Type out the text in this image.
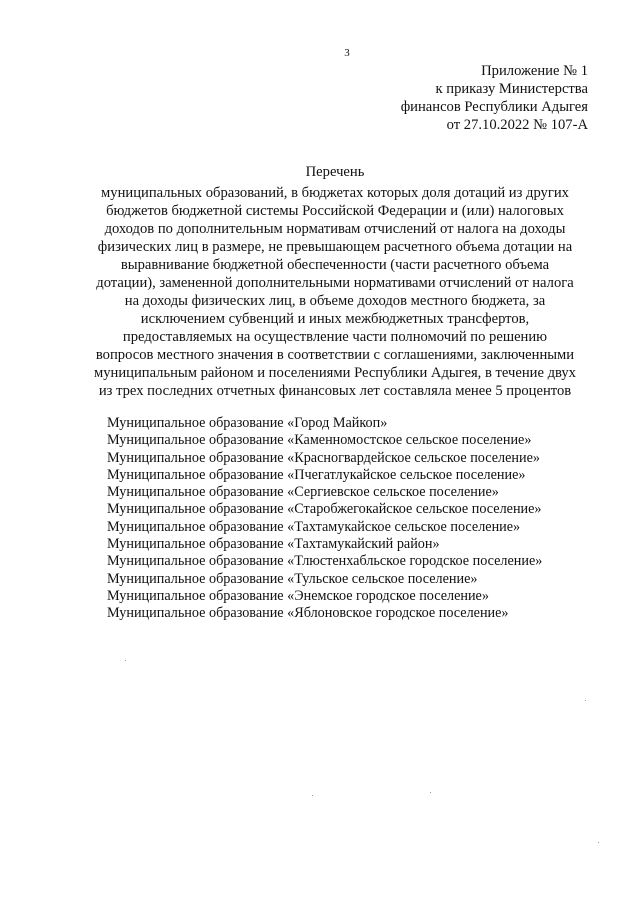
3
Приложение № 1
к приказу Министерства
финансов Республики Адыгея
от 27.10.2022 № 107-А
Перечень
муниципальных образований, в бюджетах которых доля дотаций из других
бюджетов бюджетной системы Российской Федерации и (или) налоговых
доходов по дополнительным нормативам отчислений от налога на доходы
физических лиц в размере, не превышающем расчетного объема дотации на
выравнивание бюджетной обеспеченности (части расчетного объема
дотации), замененной дополнительными нормативами отчислений от налога
на доходы физических лиц, в объеме доходов местного бюджета, за
исключением субвенций и иных межбюджетных трансфертов,
предоставляемых на осуществление части полномочий по решению
вопросов местного значения в соответствии с соглашениями, заключенными
муниципальным районом и поселениями Республики Адыгея, в течение двух
из трех последних отчетных финансовых лет составляла менее 5 процентов
Муниципальное образование «Город Майкоп»
Муниципальное образование «Каменномостское сельское поселение»
Муниципальное образование «Красногвардейское сельское поселение»
Муниципальное образование «Пчегатлукайское сельское поселение»
Муниципальное образование «Сергиевское сельское поселение»
Муниципальное образование «Старобжегокайское сельское поселение»
Муниципальное образование «Тахтамукайское сельское поселение»
Муниципальное образование «Тахтамукайский район»
Муниципальное образование «Тлюстенхабльское городское поселение»
Муниципальное образование «Тульское сельское поселение»
Муниципальное образование «Энемское городское поселение»
Муниципальное образование «Яблоновское городское поселение»
